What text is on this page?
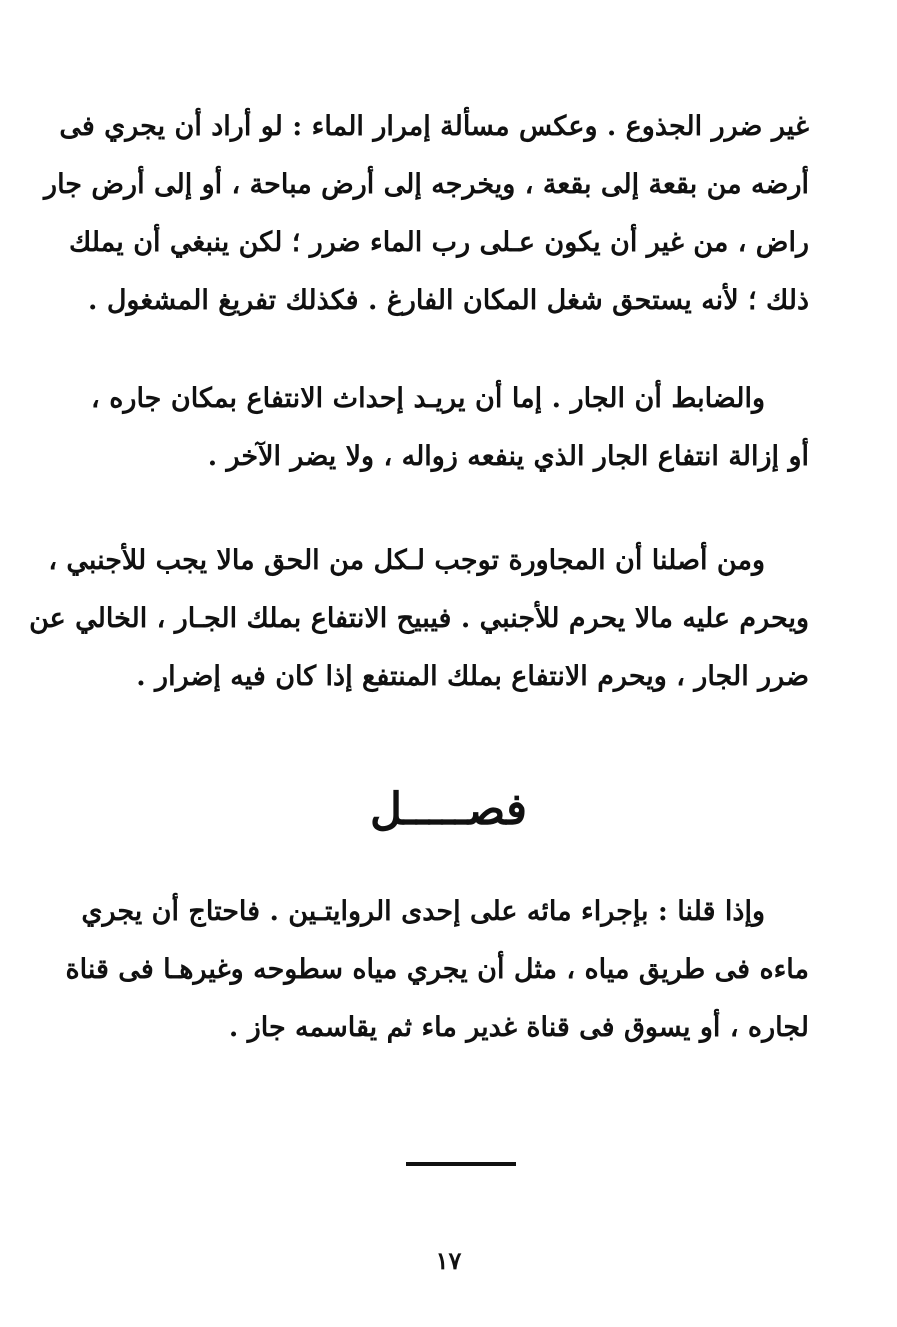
غير ضرر الجذوع . وعكس مسألة إمرار الماء : لو أراد أن يجري فى
أرضه من بقعة إلى بقعة ، ويخرجه إلى أرض مباحة ، أو إلى أرض جار
راض ، من غير أن يكون عـلى رب الماء ضرر ؛ لكن ينبغي أن يملك
ذلك ؛ لأنه يستحق شغل المكان الفارغ . فكذلك تفريغ المشغول .
والضابط أن الجار . إما أن يريـد إحداث الانتفاع بمكان جاره ،
أو إزالة انتفاع الجار الذي ينفعه زواله ، ولا يضر الآخر .
ومن أصلنا أن المجاورة توجب لـكل من الحق مالا يجب للأجنبي ،
ويحرم عليه مالا يحرم للأجنبي . فيبيح الانتفاع بملك الجـار ، الخالي عن
ضرر الجار ، ويحرم الانتفاع بملك المنتفع إذا كان فيه إضرار .
فصـــــل
وإذا قلنا : بإجراء مائه على إحدى الروايتـين . فاحتاج أن يجري
ماءه فى طريق مياه ، مثل أن يجري مياه سطوحه وغيرهـا فى قناة
لجاره ، أو يسوق فى قناة غدير ماء ثم يقاسمه جاز .
١٧
